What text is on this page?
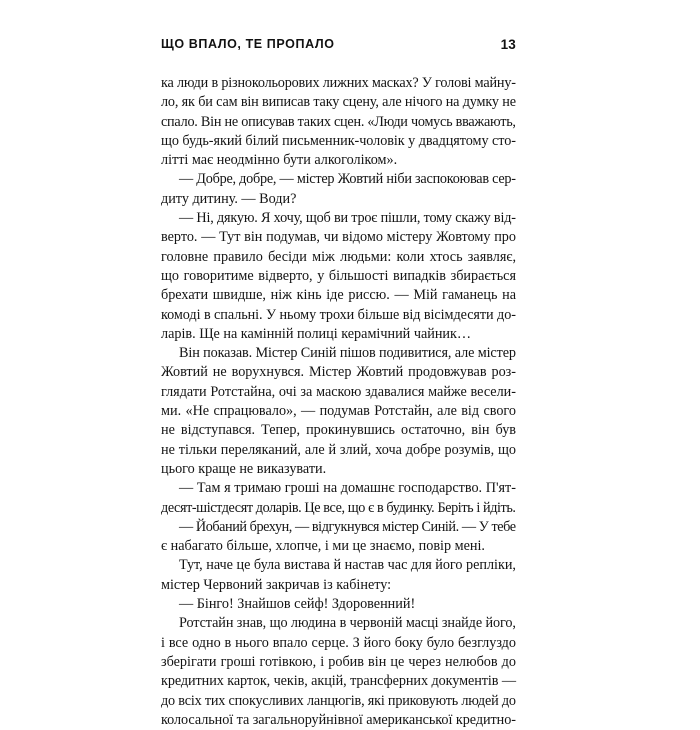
ЩО ВПАЛО, ТЕ ПРОПАЛО	13
ка люди в різнокольорових лижних масках? У голові майну-
ло, як би сам він виписав таку сцену, але нічого на думку не
спало. Він не описував таких сцен. «Люди чомусь вважають,
що будь-який білий письменник-чоловік у двадцятому сто-
літті має неодмінно бути алкоголіком».
— Добре, добре, — містер Жовтий ніби заспокоював сер-
диту дитину. — Води?
— Ні, дякую. Я хочу, щоб ви троє пішли, тому скажу від-
верто. — Тут він подумав, чи відомо містеру Жовтому про
головне правило бесіди між людьми: коли хтось заявляє,
що говоритиме відверто, у більшості випадків збирається
брехати швидше, ніж кінь іде риссю. — Мій гаманець на
комоді в спальні. У ньому трохи більше від вісімдесяти до-
ларів. Ще на камінній полиці керамічний чайник…
Він показав. Містер Синій пішов подивитися, але містер
Жовтий не ворухнувся. Містер Жовтий продовжував роз-
глядати Ротстайна, очі за маскою здавалися майже весели-
ми. «Не спрацювало», — подумав Ротстайн, але від свого
не відступався. Тепер, прокинувшись остаточно, він був
не тільки переляканий, але й злий, хоча добре розумів, що
цього краще не виказувати.
— Там я тримаю гроші на домашнє господарство. П'ят-
десят-шістдесят доларів. Це все, що є в будинку. Беріть і йдіть.
— Йобаний брехун, — відгукнувся містер Синій. — У тебе
є набагато більше, хлопче, і ми це знаємо, повір мені.
Тут, наче це була вистава й настав час для його репліки,
містер Червоний закричав із кабінету:
— Бінго! Знайшов сейф! Здоровенний!
Ротстайн знав, що людина в червоній масці знайде його,
і все одно в нього впало серце. З його боку було безглуздо
зберігати гроші готівкою, і робив він це через нелюбов до
кредитних карток, чеків, акцій, трансферних документів —
до всіх тих спокусливих ланцюгів, які приковують людей до
колосальної та загальноруйнівної американської кредитно-
